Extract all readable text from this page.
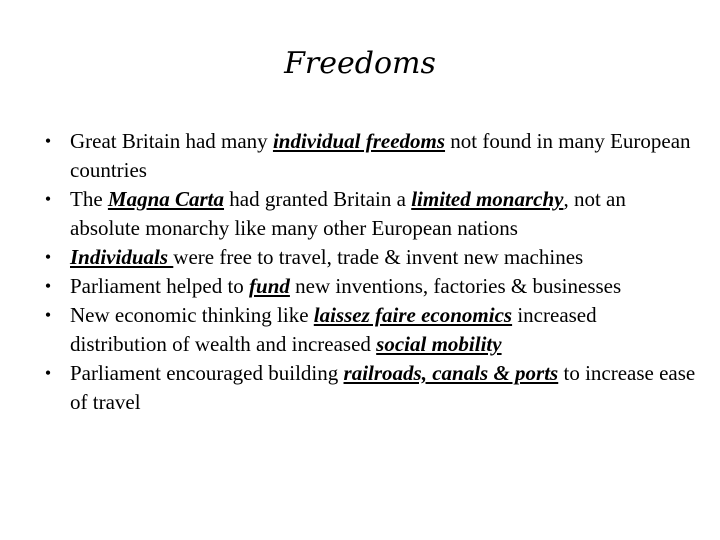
Freedoms
• Great Britain had many individual freedoms not found in many European countries
• The Magna Carta had granted Britain a limited monarchy, not an absolute monarchy like many other European nations
• Individuals were free to travel, trade & invent new machines
• Parliament helped to fund new inventions, factories & businesses
• New economic thinking like laissez faire economics increased distribution of wealth and increased social mobility
• Parliament encouraged building railroads, canals & ports to increase ease of travel
